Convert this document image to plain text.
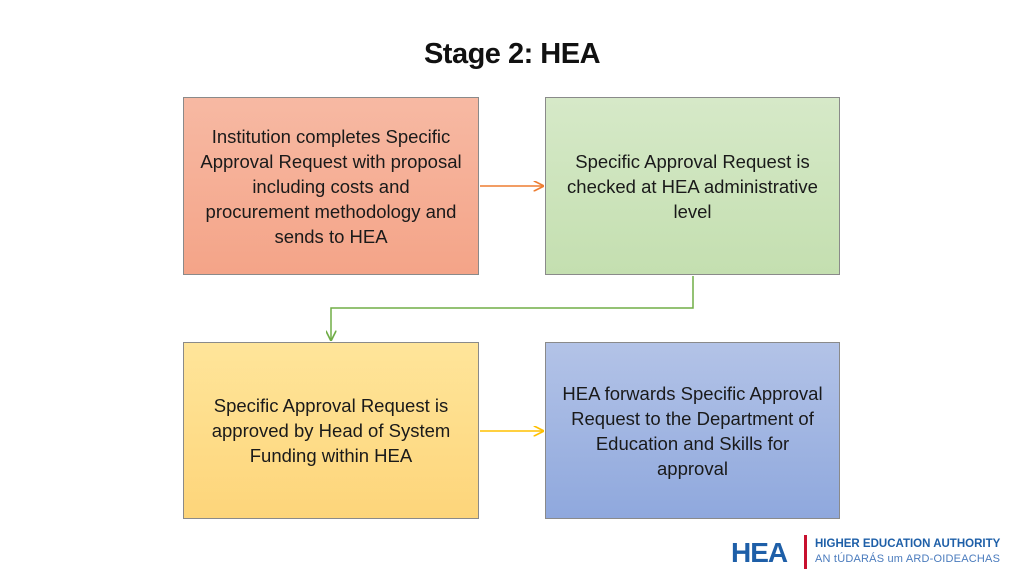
Stage 2: HEA
Institution completes Specific Approval Request with proposal including costs and procurement methodology and sends to HEA
Specific Approval Request is checked at HEA administrative level
Specific Approval Request is approved by Head of System Funding within HEA
HEA forwards Specific Approval Request to the Department of Education and Skills for approval
HEA HIGHER EDUCATION AUTHORITY
AN tÚDARÁS um ARD-OIDEACHAS
